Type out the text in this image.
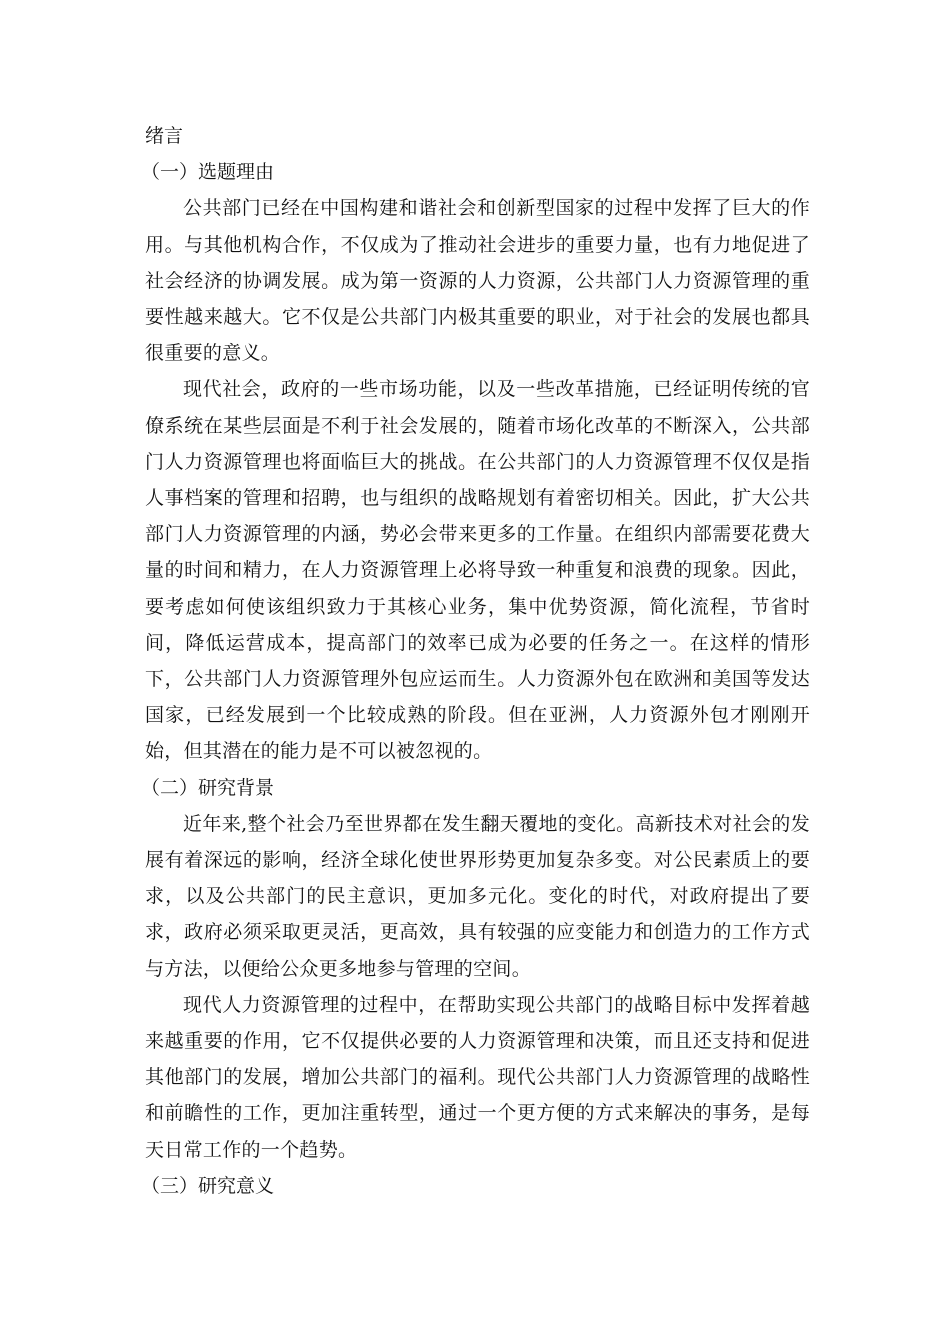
绪言
（一）选题理由

公共部门已经在中国构建和谐社会和创新型国家的过程中发挥了巨大的作用。与其他机构合作，不仅成为了推动社会进步的重要力量，也有力地促进了社会经济的协调发展。成为第一资源的人力资源，公共部门人力资源管理的重要性越来越大。它不仅是公共部门内极其重要的职业，对于社会的发展也都具很重要的意义。

现代社会，政府的一些市场功能，以及一些改革措施，已经证明传统的官僚系统在某些层面是不利于社会发展的，随着市场化改革的不断深入，公共部门人力资源管理也将面临巨大的挑战。在公共部门的人力资源管理不仅仅是指人事档案的管理和招聘，也与组织的战略规划有着密切相关。因此，扩大公共部门人力资源管理的内涵，势必会带来更多的工作量。在组织内部需要花费大量的时间和精力，在人力资源管理上必将导致一种重复和浪费的现象。因此，要考虑如何使该组织致力于其核心业务，集中优势资源，简化流程，节省时间，降低运营成本，提高部门的效率已成为必要的任务之一。在这样的情形下，公共部门人力资源管理外包应运而生。人力资源外包在欧洲和美国等发达国家，已经发展到一个比较成熟的阶段。但在亚洲，人力资源外包才刚刚开始，但其潜在的能力是不可以被忽视的。

（二）研究背景

近年来,整个社会乃至世界都在发生翻天覆地的变化。高新技术对社会的发展有着深远的影响，经济全球化使世界形势更加复杂多变。对公民素质上的要求，以及公共部门的民主意识，更加多元化。变化的时代，对政府提出了要求，政府必须采取更灵活，更高效，具有较强的应变能力和创造力的工作方式与方法，以便给公众更多地参与管理的空间。

现代人力资源管理的过程中，在帮助实现公共部门的战略目标中发挥着越来越重要的作用，它不仅提供必要的人力资源管理和决策，而且还支持和促进其他部门的发展，增加公共部门的福利。现代公共部门人力资源管理的战略性和前瞻性的工作，更加注重转型，通过一个更方便的方式来解决的事务，是每天日常工作的一个趋势。

（三）研究意义
